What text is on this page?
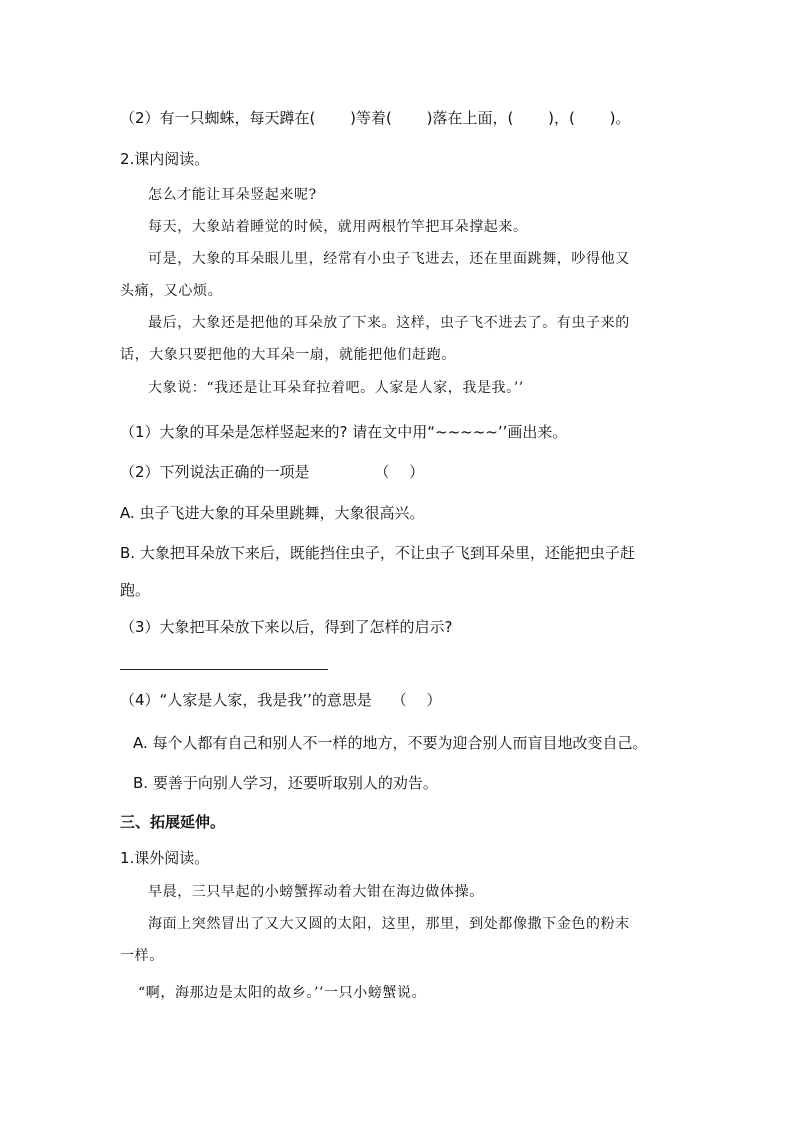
（2）有一只蜘蛛，每天蹲在(　　 )等着(　　 )落在上面，(　　 )，(　　 )。
2.课内阅读。
怎么才能让耳朵竖起来呢?
每天，大象站着睡觉的时候，就用两根竹竿把耳朵撑起来。
可是，大象的耳朵眼儿里，经常有小虫子飞进去，还在里面跳舞，吵得他又
头痛，又心烦。
最后，大象还是把他的耳朵放了下来。这样，虫子飞不进去了。有虫子来的
话，大象只要把他的大耳朵一扇，就能把他们赶跑。
大象说：“我还是让耳朵耷拉着吧。人家是人家，我是我。’’
（1）大象的耳朵是怎样竖起来的? 请在文中用“~~~~~’’画出来。
（2）下列说法正确的一项是　　　　 （　 ）
A. 虫子飞进大象的耳朵里跳舞，大象很高兴。
B. 大象把耳朵放下来后，既能挡住虫子，不让虫子飞到耳朵里，还能把虫子赶
跑。
（3）大象把耳朵放下来以后，得到了怎样的启示?
（4）“人家是人家，我是我’’的意思是　 （　 ）
A. 每个人都有自己和别人不一样的地方，不要为迎合别人而盲目地改变自己。
B. 要善于向别人学习，还要听取别人的劝告。
三、拓展延伸。
1.课外阅读。
早晨，三只早起的小螃蟹挥动着大钳在海边做体操。
海面上突然冒出了又大又圆的太阳，这里，那里，到处都像撒下金色的粉末
一样。
“啊，海那边是太阳的故乡。’’一只小螃蟹说。
